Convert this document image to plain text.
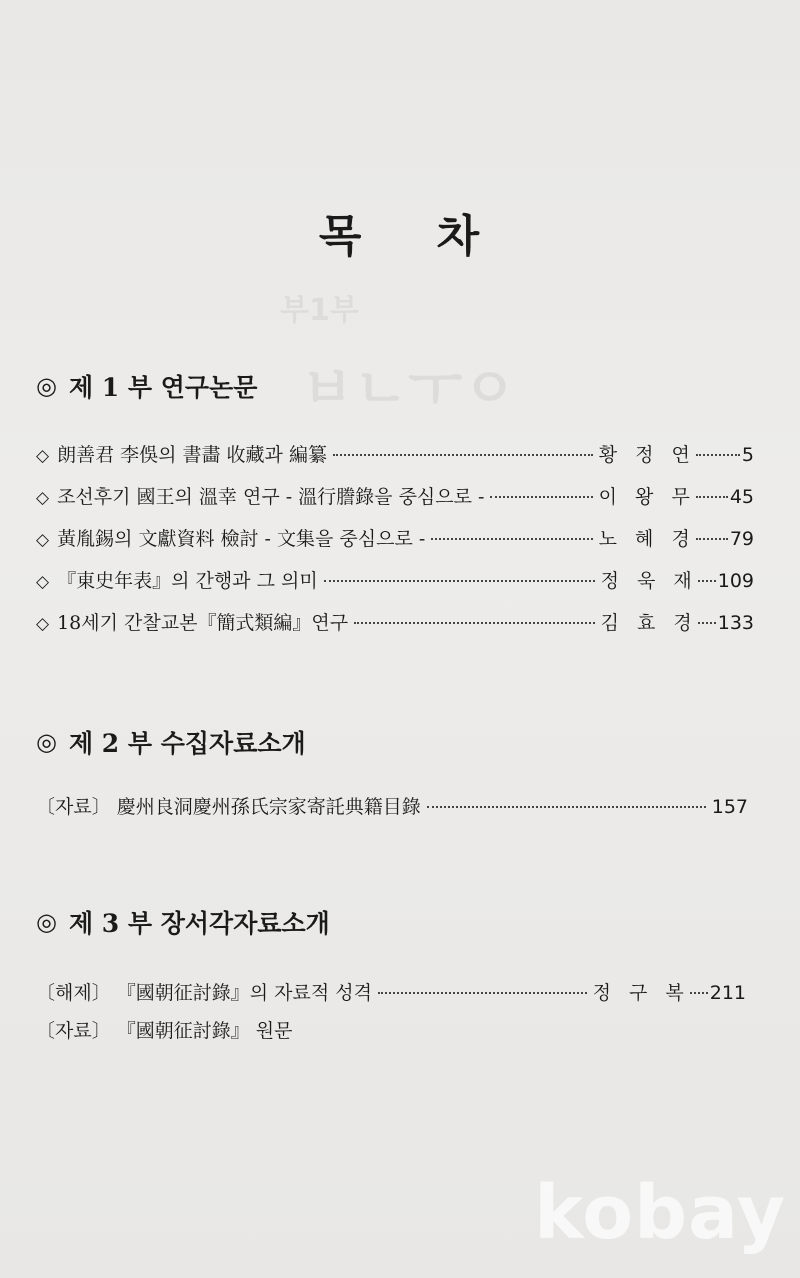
부1부
ㅂㄴㅜㅇ
목 차
◎ 제 1 부 연구논문
◇ 朗善君 李俁의 書畵 收藏과 編纂	황 정 연 5
◇ 조선후기 國王의 溫幸 연구 - 溫行謄錄을 중심으로 -	이 왕 무 45
◇ 黃胤錫의 文獻資料 檢討 - 文集을 중심으로 -	노 혜 경 79
◇ 『東史年表』의 간행과 그 의미	정 욱 재 109
◇ 18세기 간찰교본『簡式類編』연구	김 효 경 133
◎ 제 2 부 수집자료소개
〔자료〕 慶州良洞慶州孫氏宗家寄託典籍目錄	157
◎ 제 3 부 장서각자료소개
〔해제〕 『國朝征討錄』의 자료적 성격	정 구 복 211
〔자료〕 『國朝征討錄』 원문
kobay
